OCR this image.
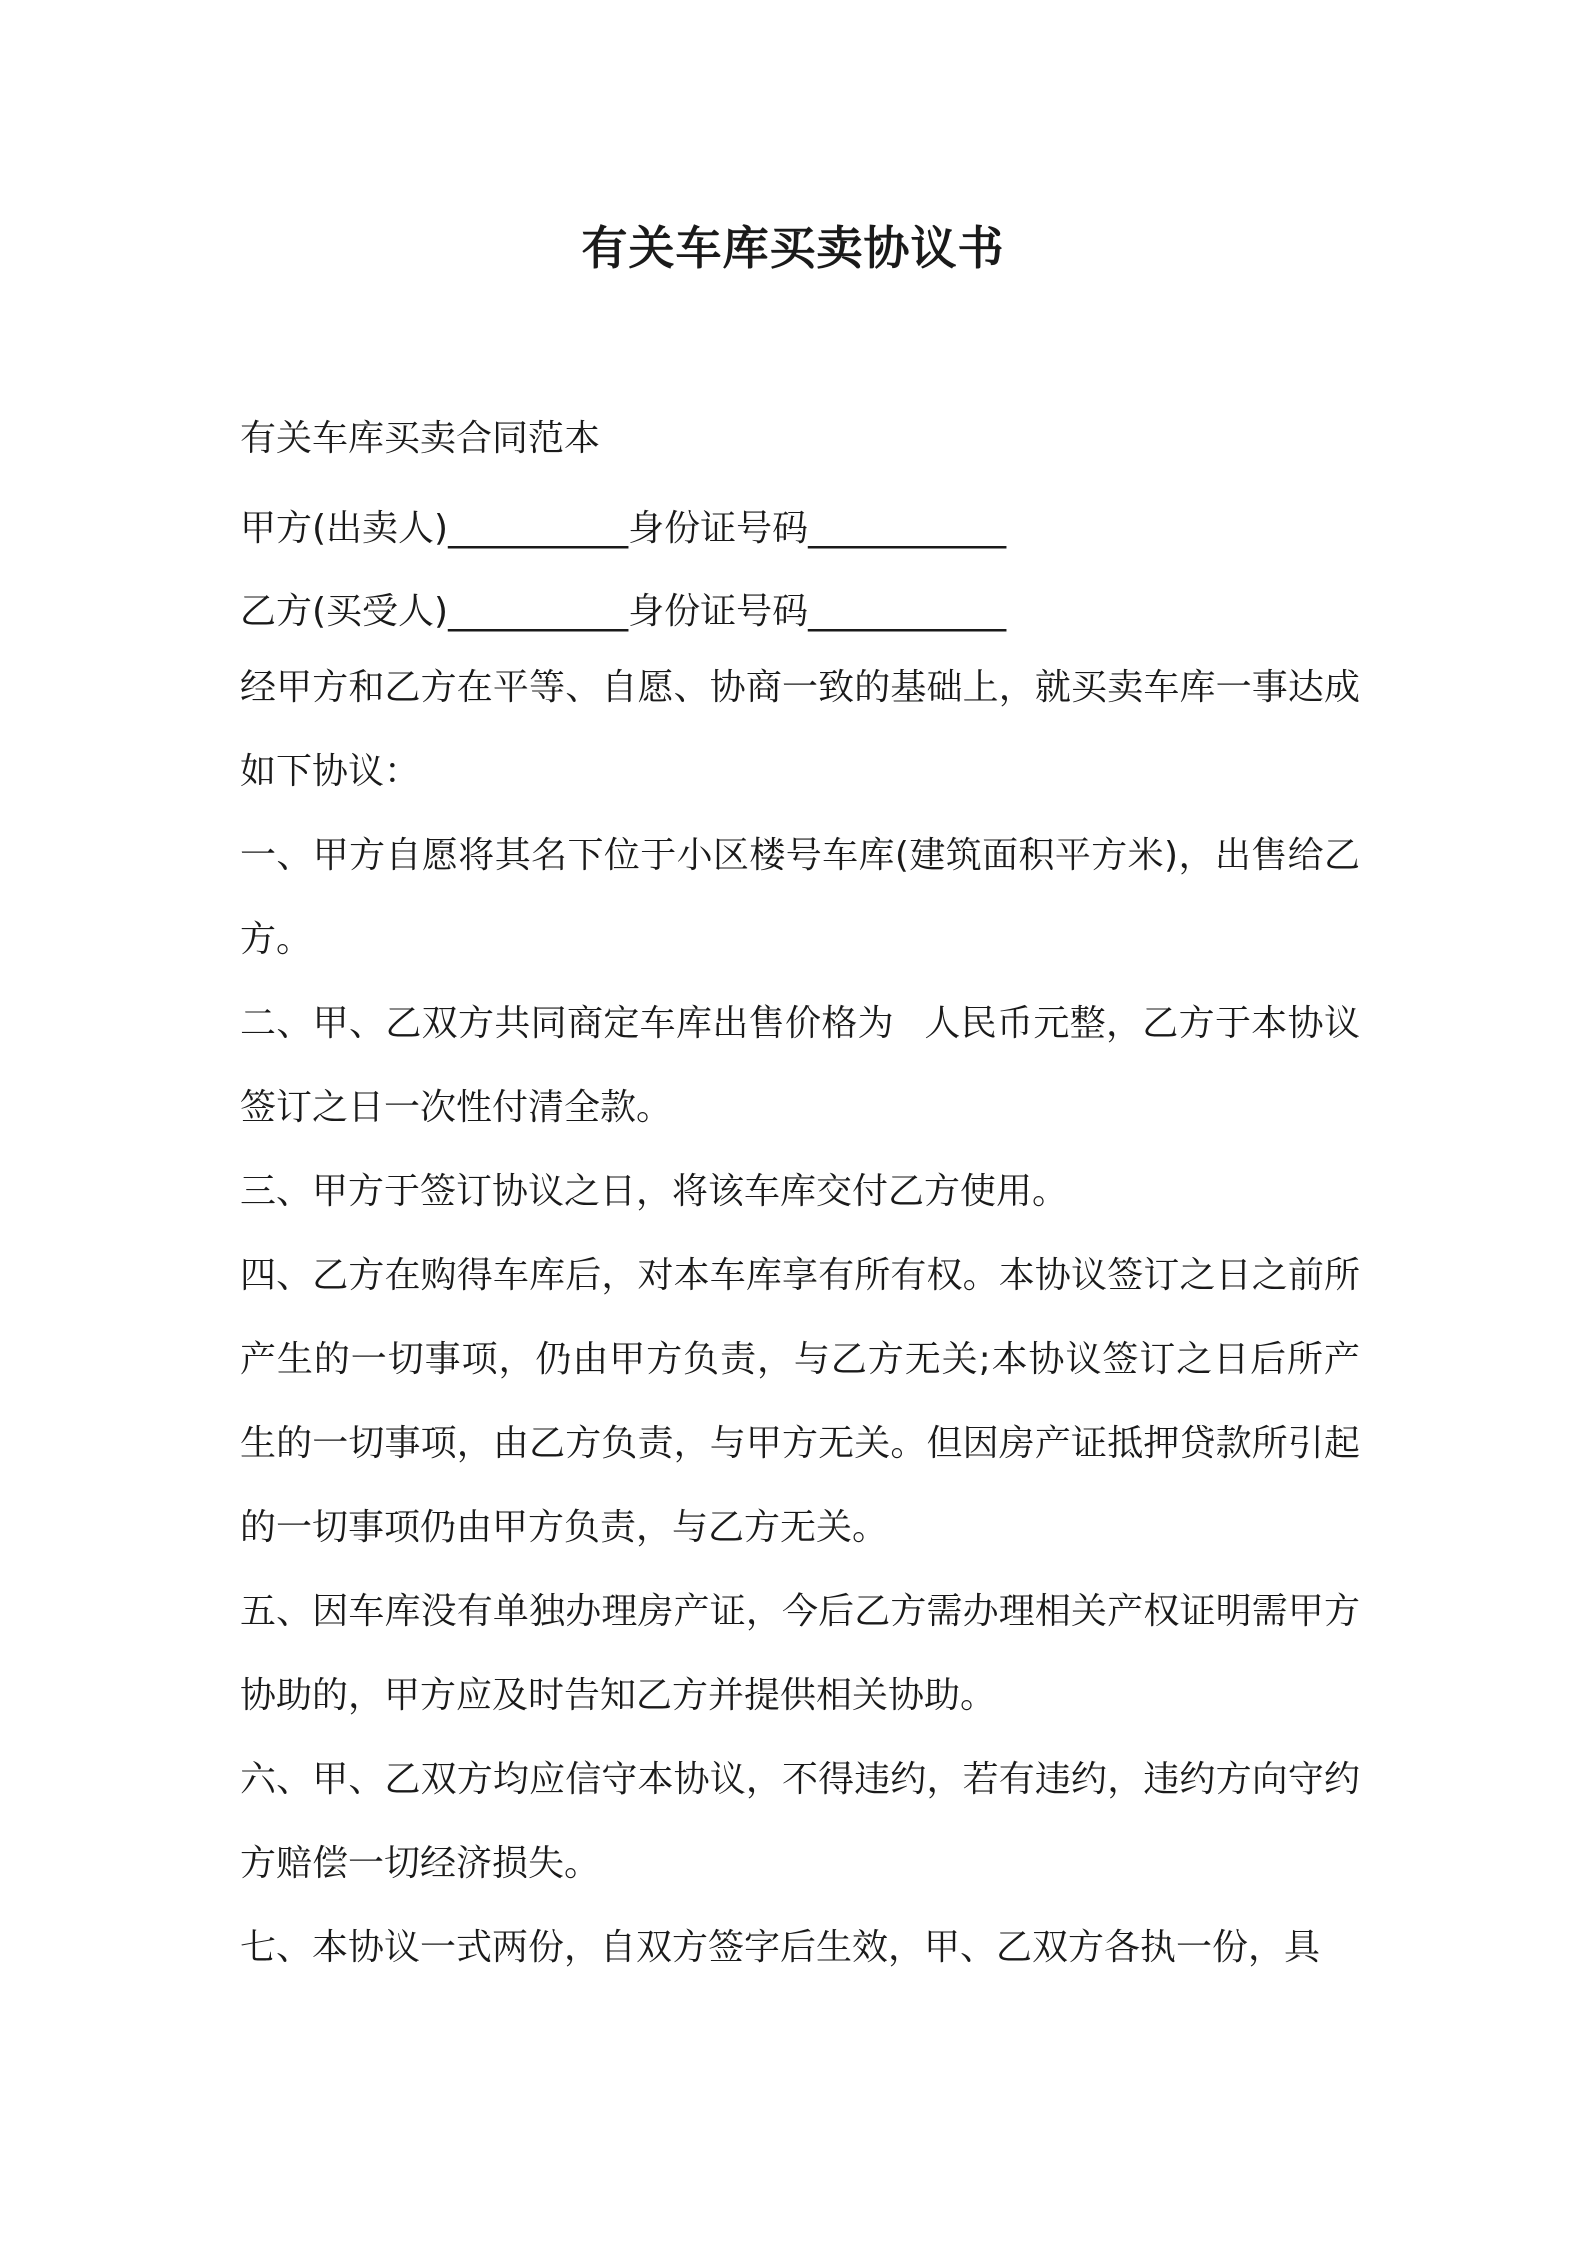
有关车库买卖协议书
有关车库买卖合同范本
甲方(出卖人)__________身份证号码___________
乙方(买受人)__________身份证号码___________

经甲方和乙方在平等、自愿、协商一致的基础上，就买卖车库一事达成如下协议：

一、甲方自愿将其名下位于小区楼号车库(建筑面积平方米)，出售给乙方。

二、甲、乙双方共同商定车库出售价格为 人民币元整，乙方于本协议签订之日一次性付清全款。

三、甲方于签订协议之日，将该车库交付乙方使用。

四、乙方在购得车库后，对本车库享有所有权。本协议签订之日之前所产生的一切事项，仍由甲方负责，与乙方无关;本协议签订之日后所产生的一切事项，由乙方负责，与甲方无关。但因房产证抵押贷款所引起的一切事项仍由甲方负责，与乙方无关。

五、因车库没有单独办理房产证，今后乙方需办理相关产权证明需甲方协助的，甲方应及时告知乙方并提供相关协助。

六、甲、乙双方均应信守本协议，不得违约，若有违约，违约方向守约方赔偿一切经济损失。

七、本协议一式两份，自双方签字后生效，甲、乙双方各执一份，具
